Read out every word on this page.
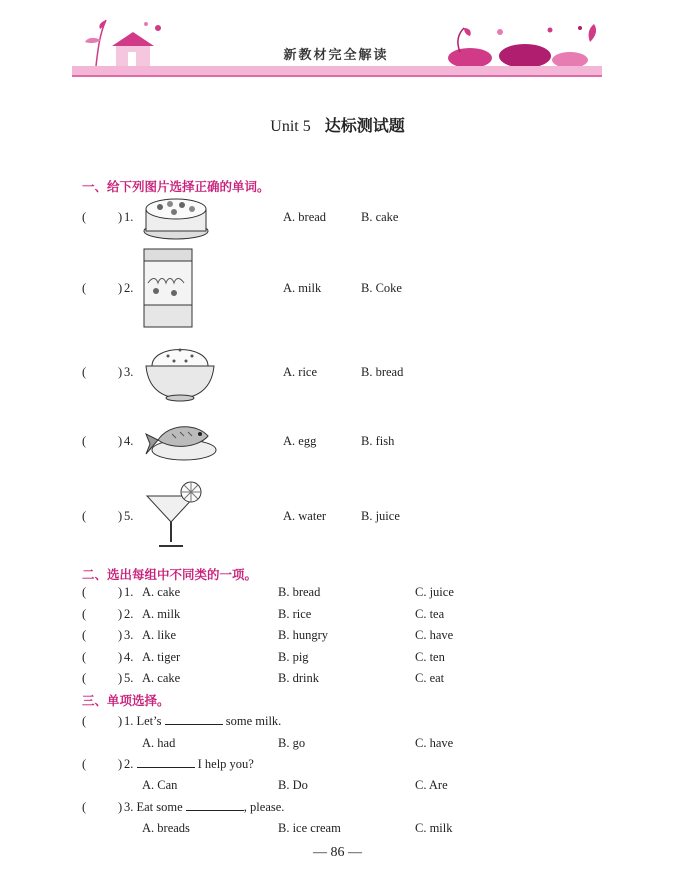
新教材完全解读
Unit 5 达标测试题
一、给下列图片选择正确的单词。
(	) 1.	A. bread	B. cake
(	) 2.	A. milk	B. Coke
(	) 3.	A. rice	B. bread
(	) 4.	A. egg	B. fish
(	) 5.	A. water	B. juice
二、选出每组中不同类的一项。
(	) 1. A. cake	B. bread	C. juice
(	) 2. A. milk	B. rice	C. tea
(	) 3. A. like	B. hungry	C. have
(	) 4. A. tiger	B. pig	C. ten
(	) 5. A. cake	B. drink	C. eat
三、单项选择。
(	) 1. Let’s	some milk.
A. had	B. go	C. have
(	) 2.	I help you?
A. Can	B. Do	C. Are
(	) 3. Eat some	, please.
A. breads	B. ice cream	C. milk
— 86 —
